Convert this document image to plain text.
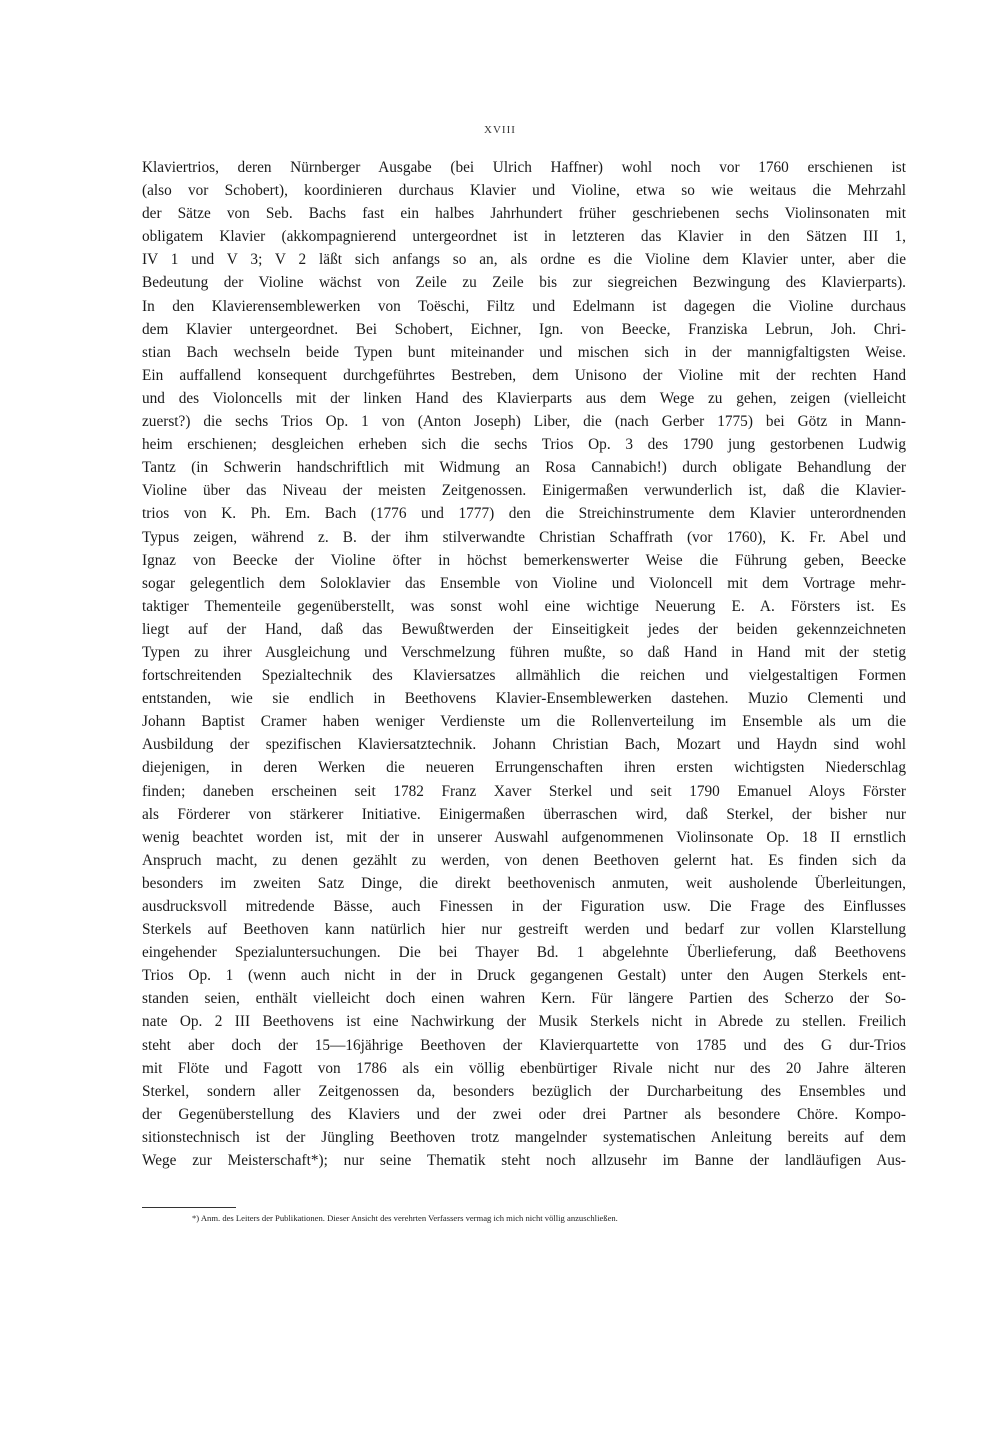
XVIII
Klaviertrios, deren Nürnberger Ausgabe (bei Ulrich Haffner) wohl noch vor 1760 erschienen ist
(also vor Schobert), koordinieren durchaus Klavier und Violine, etwa so wie weitaus die Mehrzahl
der Sätze von Seb. Bachs fast ein halbes Jahrhundert früher geschriebenen sechs Violinsonaten mit
obligatem Klavier (akkompagnierend untergeordnet ist in letzteren das Klavier in den Sätzen III 1,
IV 1 und V 3; V 2 läßt sich anfangs so an, als ordne es die Violine dem Klavier unter, aber die
Bedeutung der Violine wächst von Zeile zu Zeile bis zur siegreichen Bezwingung des Klavierparts).
In den Klavierensemblewerken von Toëschi, Filtz und Edelmann ist dagegen die Violine durchaus
dem Klavier untergeordnet. Bei Schobert, Eichner, Ign. von Beecke, Franziska Lebrun, Joh. Chri-
stian Bach wechseln beide Typen bunt miteinander und mischen sich in der mannigfaltigsten Weise.
Ein auffallend konsequent durchgeführtes Bestreben, dem Unisono der Violine mit der rechten Hand
und des Violoncells mit der linken Hand des Klavierparts aus dem Wege zu gehen, zeigen (vielleicht
zuerst?) die sechs Trios Op. 1 von (Anton Joseph) Liber, die (nach Gerber 1775) bei Götz in Mann-
heim erschienen; desgleichen erheben sich die sechs Trios Op. 3 des 1790 jung gestorbenen Ludwig
Tantz (in Schwerin handschriftlich mit Widmung an Rosa Cannabich!) durch obligate Behandlung der
Violine über das Niveau der meisten Zeitgenossen. Einigermaßen verwunderlich ist, daß die Klavier-
trios von K. Ph. Em. Bach (1776 und 1777) den die Streichinstrumente dem Klavier unterordnenden
Typus zeigen, während z. B. der ihm stilverwandte Christian Schaffrath (vor 1760), K. Fr. Abel und
Ignaz von Beecke der Violine öfter in höchst bemerkenswerter Weise die Führung geben, Beecke
sogar gelegentlich dem Soloklavier das Ensemble von Violine und Violoncell mit dem Vortrage mehr-
taktiger Thementeile gegenüberstellt, was sonst wohl eine wichtige Neuerung E. A. Försters ist. Es
liegt auf der Hand, daß das Bewußtwerden der Einseitigkeit jedes der beiden gekennzeichneten
Typen zu ihrer Ausgleichung und Verschmelzung führen mußte, so daß Hand in Hand mit der stetig
fortschreitenden Spezialtechnik des Klaviersatzes allmählich die reichen und vielgestaltigen Formen
entstanden, wie sie endlich in Beethovens Klavier-Ensemblewerken dastehen. Muzio Clementi und
Johann Baptist Cramer haben weniger Verdienste um die Rollenverteilung im Ensemble als um die
Ausbildung der spezifischen Klaviersatztechnik. Johann Christian Bach, Mozart und Haydn sind wohl
diejenigen, in deren Werken die neueren Errungenschaften ihren ersten wichtigsten Niederschlag
finden; daneben erscheinen seit 1782 Franz Xaver Sterkel und seit 1790 Emanuel Aloys Förster
als Förderer von stärkerer Initiative. Einigermaßen überraschen wird, daß Sterkel, der bisher nur
wenig beachtet worden ist, mit der in unserer Auswahl aufgenommenen Violinsonate Op. 18 II ernstlich
Anspruch macht, zu denen gezählt zu werden, von denen Beethoven gelernt hat. Es finden sich da
besonders im zweiten Satz Dinge, die direkt beethovenisch anmuten, weit ausholende Überleitungen,
ausdrucksvoll mitredende Bässe, auch Finessen in der Figuration usw. Die Frage des Einflusses
Sterkels auf Beethoven kann natürlich hier nur gestreift werden und bedarf zur vollen Klarstellung
eingehender Spezialuntersuchungen. Die bei Thayer Bd. 1 abgelehnte Überlieferung, daß Beethovens
Trios Op. 1 (wenn auch nicht in der in Druck gegangenen Gestalt) unter den Augen Sterkels ent-
standen seien, enthält vielleicht doch einen wahren Kern. Für längere Partien des Scherzo der So-
nate Op. 2 III Beethovens ist eine Nachwirkung der Musik Sterkels nicht in Abrede zu stellen. Freilich
steht aber doch der 15—16jährige Beethoven der Klavierquartette von 1785 und des G dur-Trios
mit Flöte und Fagott von 1786 als ein völlig ebenbürtiger Rivale nicht nur des 20 Jahre älteren
Sterkel, sondern aller Zeitgenossen da, besonders bezüglich der Durcharbeitung des Ensembles und
der Gegenüberstellung des Klaviers und der zwei oder drei Partner als besondere Chöre. Kompo-
sitionstechnisch ist der Jüngling Beethoven trotz mangelnder systematischen Anleitung bereits auf dem
Wege zur Meisterschaft*); nur seine Thematik steht noch allzusehr im Banne der landläufigen Aus-
*) Anm. des Leiters der Publikationen. Dieser Ansicht des verehrten Verfassers vermag ich mich nicht völlig anzuschließen.
